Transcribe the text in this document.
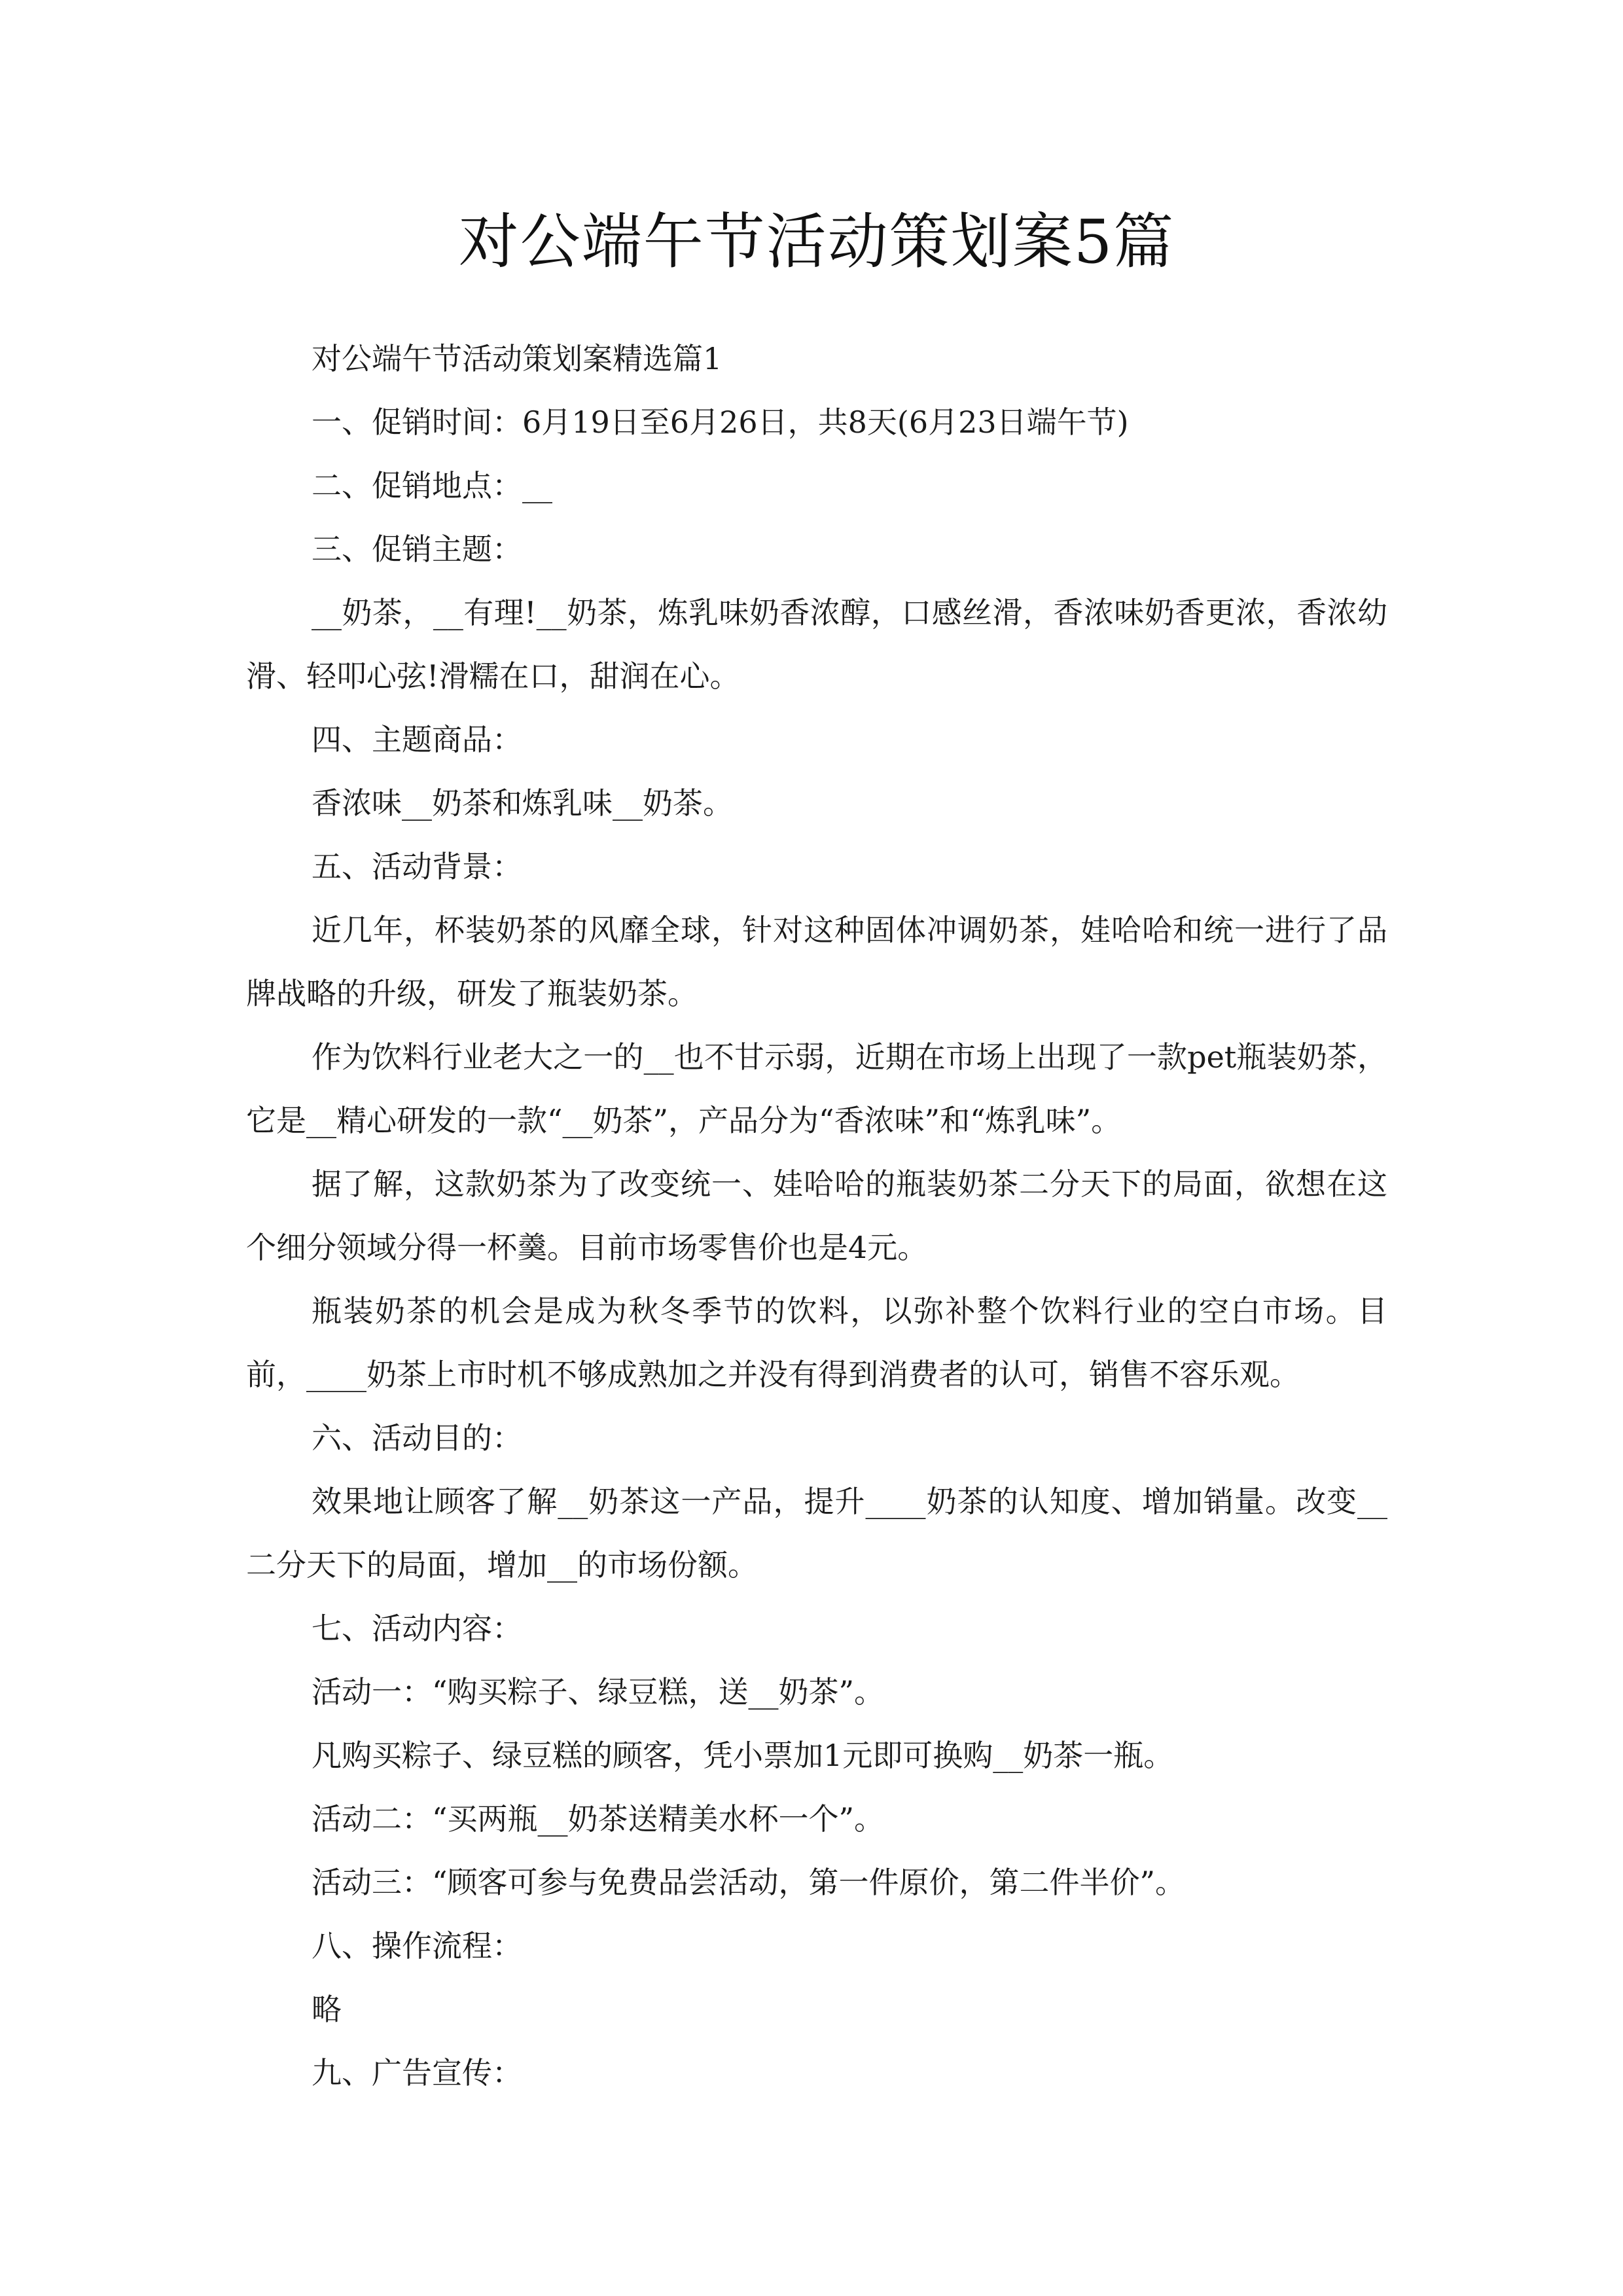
对公端午节活动策划案5篇

对公端午节活动策划案精选篇1

一、促销时间：6月19日至6月26日，共8天(6月23日端午节)

二、促销地点：__

三、促销主题：

__奶茶，__有理!__奶茶，炼乳味奶香浓醇，口感丝滑，香浓味奶香更浓，香浓幼滑、轻叩心弦!滑糯在口，甜润在心。

四、主题商品：

香浓味__奶茶和炼乳味__奶茶。

五、活动背景：

近几年，杯装奶茶的风靡全球，针对这种固体冲调奶茶，娃哈哈和统一进行了品牌战略的升级，研发了瓶装奶茶。

作为饮料行业老大之一的__也不甘示弱，近期在市场上出现了一款pet瓶装奶茶，它是__精心研发的一款“__奶茶”，产品分为“香浓味”和“炼乳味”。

据了解，这款奶茶为了改变统一、娃哈哈的瓶装奶茶二分天下的局面，欲想在这个细分领域分得一杯羹。目前市场零售价也是4元。

瓶装奶茶的机会是成为秋冬季节的饮料，以弥补整个饮料行业的空白市场。目前，____奶茶上市时机不够成熟加之并没有得到消费者的认可，销售不容乐观。

六、活动目的：

效果地让顾客了解__奶茶这一产品，提升____奶茶的认知度、增加销量。改变__二分天下的局面，增加__的市场份额。

七、活动内容：

活动一：“购买粽子、绿豆糕，送__奶茶”。

凡购买粽子、绿豆糕的顾客，凭小票加1元即可换购__奶茶一瓶。

活动二：“买两瓶__奶茶送精美水杯一个”。

活动三：“顾客可参与免费品尝活动，第一件原价，第二件半价”。

八、操作流程：

略

九、广告宣传：
